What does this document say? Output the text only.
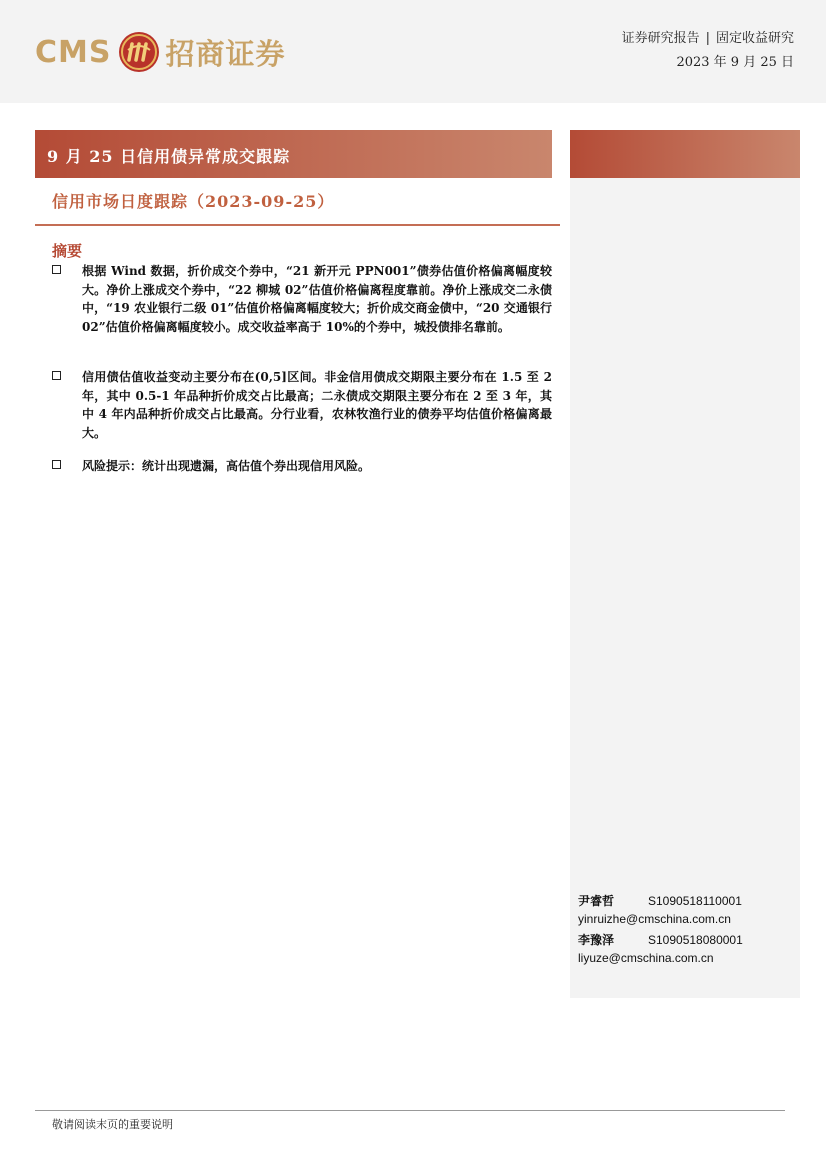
CMS 招商证券	证券研究报告 | 固定收益研究
2023 年 9 月 25 日
9 月 25 日信用债异常成交跟踪
信用市场日度跟踪（2023-09-25）
摘要
根据 Wind 数据，折价成交个券中，“21 新开元 PPN001”债券估值价格偏离幅度较大。净价上涨成交个券中，“22 柳城 02”估值价格偏离程度靠前。净价上涨成交二永债中，“19 农业银行二级 01”估值价格偏离幅度较大；折价成交商金债中，“20 交通银行 02”估值价格偏离幅度较小。成交收益率高于 10%的个券中，城投债排名靠前。
信用债估值收益变动主要分布在(0,5]区间。非金信用债成交期限主要分布在 1.5 至 2 年，其中 0.5-1 年品种折价成交占比最高；二永债成交期限主要分布在 2 至 3 年，其中 4 年内品种折价成交占比最高。分行业看，农林牧渔行业的债券平均估值价格偏离最大。
风险提示：统计出现遗漏，高估值个券出现信用风险。
尹睿哲	S1090518110001
yinruizhe@cmschina.com.cn
李豫泽	S1090518080001
liyuze@cmschina.com.cn
敬请阅读末页的重要说明
